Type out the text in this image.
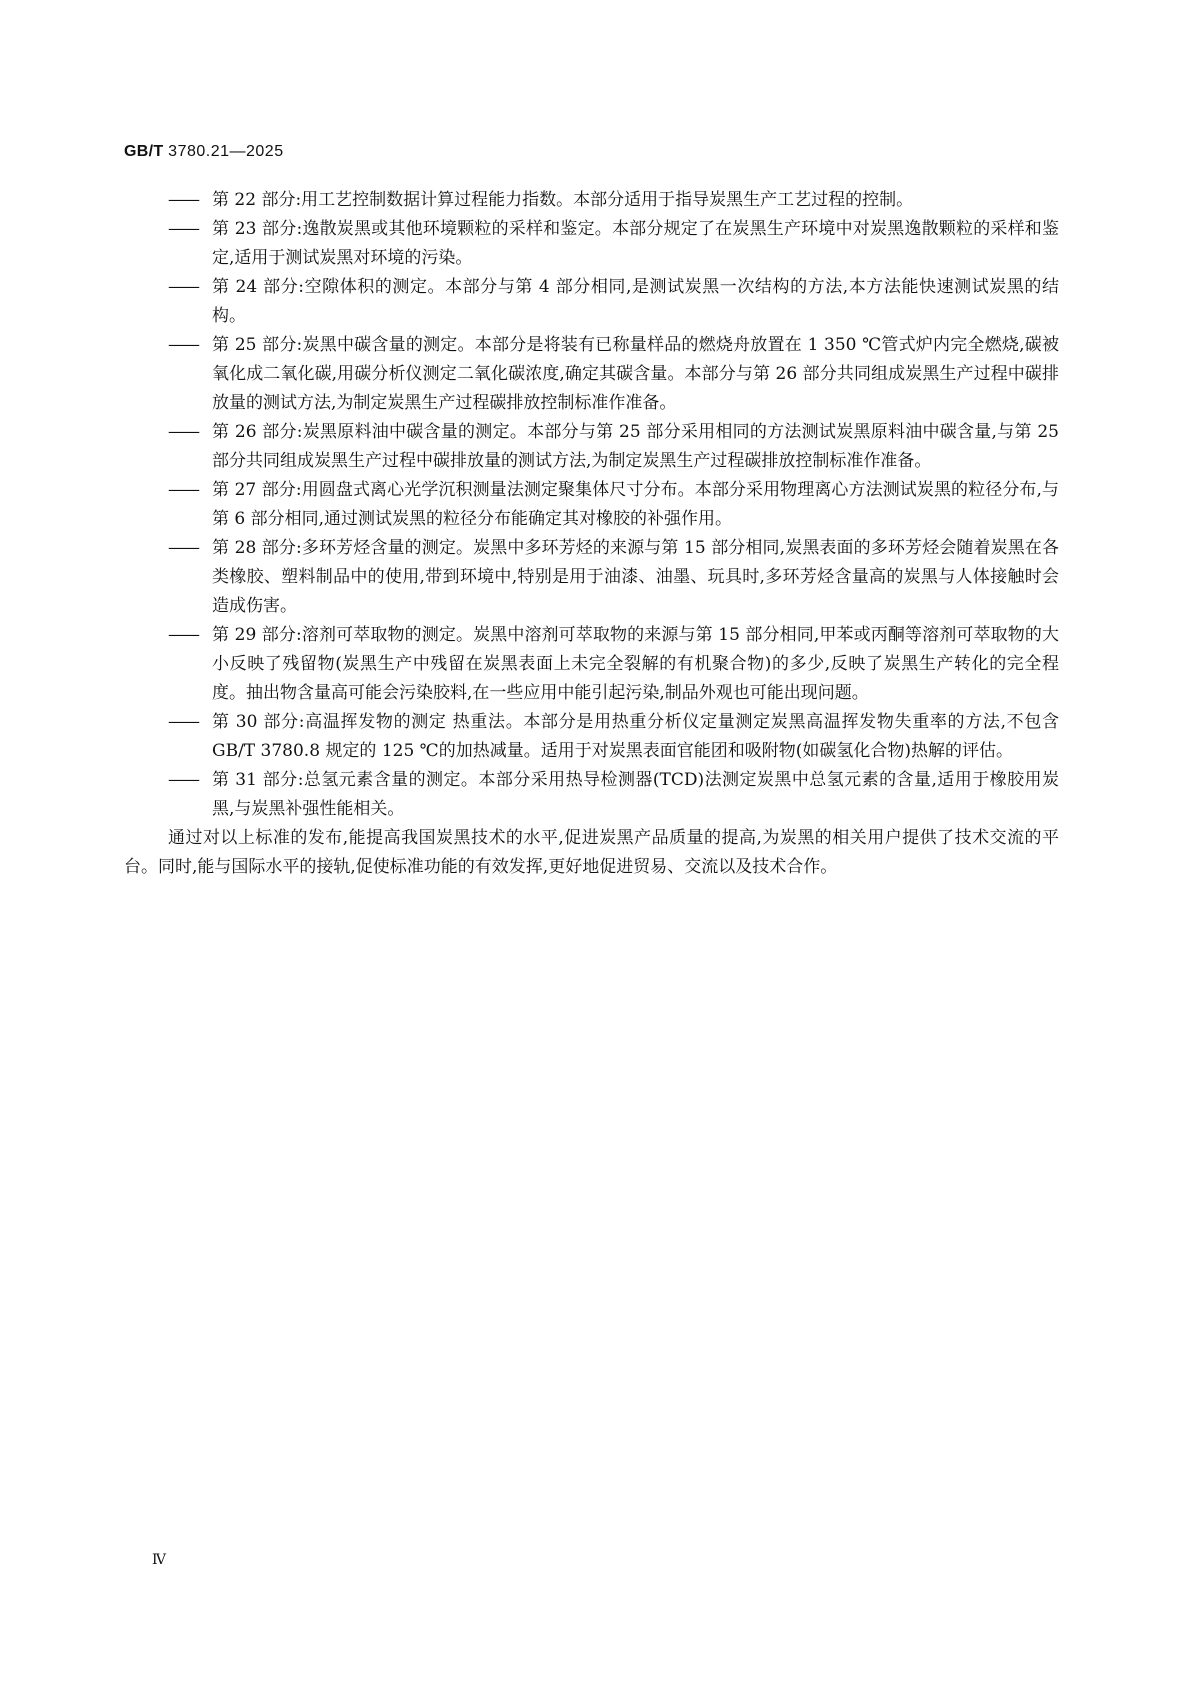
GB/T 3780.21—2025

—— 第 22 部分:用工艺控制数据计算过程能力指数。本部分适用于指导炭黑生产工艺过程的控制。

—— 第 23 部分:逸散炭黑或其他环境颗粒的采样和鉴定。本部分规定了在炭黑生产环境中对炭黑逸散颗粒的采样和鉴定,适用于测试炭黑对环境的污染。

—— 第 24 部分:空隙体积的测定。本部分与第 4 部分相同,是测试炭黑一次结构的方法,本方法能快速测试炭黑的结构。

—— 第 25 部分:炭黑中碳含量的测定。本部分是将装有已称量样品的燃烧舟放置在 1 350 ℃管式炉内完全燃烧,碳被氧化成二氧化碳,用碳分析仪测定二氧化碳浓度,确定其碳含量。本部分与第 26 部分共同组成炭黑生产过程中碳排放量的测试方法,为制定炭黑生产过程碳排放控制标准作准备。

—— 第 26 部分:炭黑原料油中碳含量的测定。本部分与第 25 部分采用相同的方法测试炭黑原料油中碳含量,与第 25 部分共同组成炭黑生产过程中碳排放量的测试方法,为制定炭黑生产过程碳排放控制标准作准备。

—— 第 27 部分:用圆盘式离心光学沉积测量法测定聚集体尺寸分布。本部分采用物理离心方法测试炭黑的粒径分布,与第 6 部分相同,通过测试炭黑的粒径分布能确定其对橡胶的补强作用。

—— 第 28 部分:多环芳烃含量的测定。炭黑中多环芳烃的来源与第 15 部分相同,炭黑表面的多环芳烃会随着炭黑在各类橡胶、塑料制品中的使用,带到环境中,特别是用于油漆、油墨、玩具时,多环芳烃含量高的炭黑与人体接触时会造成伤害。

—— 第 29 部分:溶剂可萃取物的测定。炭黑中溶剂可萃取物的来源与第 15 部分相同,甲苯或丙酮等溶剂可萃取物的大小反映了残留物(炭黑生产中残留在炭黑表面上未完全裂解的有机聚合物)的多少,反映了炭黑生产转化的完全程度。抽出物含量高可能会污染胶料,在一些应用中能引起污染,制品外观也可能出现问题。

—— 第 30 部分:高温挥发物的测定 热重法。本部分是用热重分析仪定量测定炭黑高温挥发物失重率的方法,不包含 GB/T 3780.8 规定的 125 ℃的加热减量。适用于对炭黑表面官能团和吸附物(如碳氢化合物)热解的评估。

—— 第 31 部分:总氢元素含量的测定。本部分采用热导检测器(TCD)法测定炭黑中总氢元素的含量,适用于橡胶用炭黑,与炭黑补强性能相关。

通过对以上标准的发布,能提高我国炭黑技术的水平,促进炭黑产品质量的提高,为炭黑的相关用户提供了技术交流的平台。同时,能与国际水平的接轨,促使标准功能的有效发挥,更好地促进贸易、交流以及技术合作。

Ⅳ
